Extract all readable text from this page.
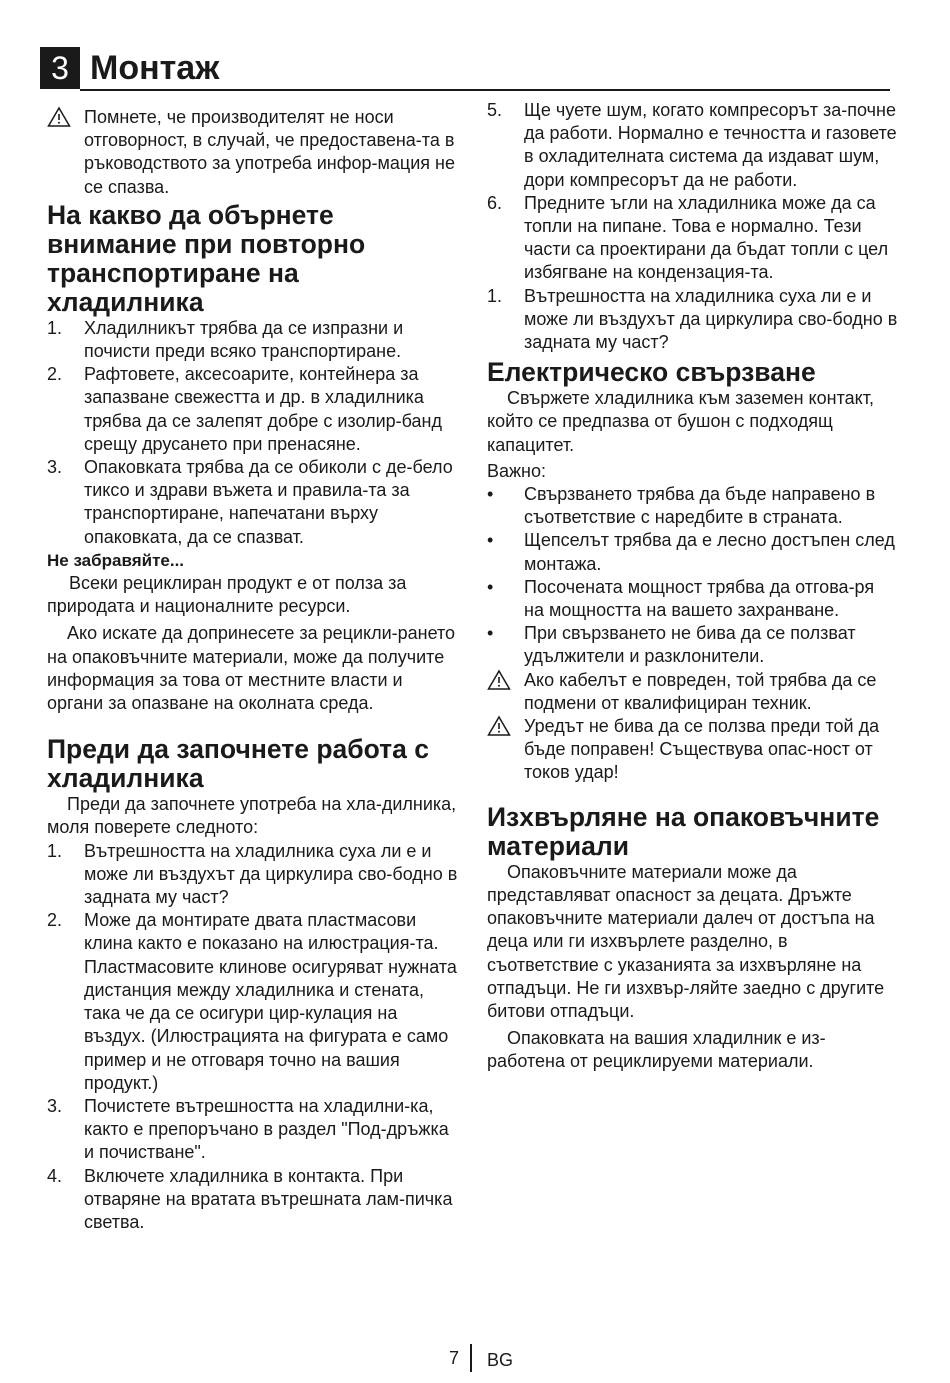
3 Монтаж

Помнете, че производителят не носи отговорност, в случай, че предоставена-та в ръководството за употреба инфор-мация не се спазва.

На какво да обърнете внимание при повторно транспортиране на хладилника
1.	Хладилникът трябва да се изпразни и почисти преди всяко транспортиране.

2.	Рафтовете, аксесоарите, контейнера за запазване свежестта и др. в хладилника трябва да се залепят добре с изолир-банд срещу друсането при пренасяне.

3.	Опаковката трябва да се обиколи с де-бело тиксо и здрави въжета и правила-та за транспортиране, напечатани върху опаковката, да се спазват.

Не забравяйте...

Всеки рециклиран продукт е от полза за природата и националните ресурси.

Ако искате да допринесете за рецикли-рането на опаковъчните материали, може да получите информация за това от местните власти и органи за опазване на околната среда.

Преди да започнете работа с хладилника

Преди да започнете употреба на хла-дилника, моля поверете следното:

1.	Вътрешността на хладилника суха ли е и може ли въздухът да циркулира сво-бодно в задната му част?

2.	Може да монтирате двата пластмасови клина както е показано на илюстрация-та. Пластмасовите клинове осигуряват нужната дистанция между хладилника и стената, така че да се осигури цир-кулация на въздух. (Илюстрацията на фигурата е само пример и не отговаря точно на вашия продукт.)

3.	Почистете вътрешността на хладилни-ка, както е препоръчано в раздел "Под-дръжка и почистване".

4.	Включете хладилника в контакта. При отваряне на вратата вътрешната лам-пичка светва.

5.	Ще чуете шум, когато компресорът за-почне да работи. Нормално е течността и газовете в охладителната система да издават шум, дори компресорът да не работи.

6.	Предните ъгли на хладилника може да са топли на пипане. Това е нормално. Тези части са проектирани да бъдат топли с цел избягване на кондензация-та.

1.	Вътрешността на хладилника суха ли е и може ли въздухът да циркулира сво-бодно в задната му част?

Електрическо свързване

Свържете хладилника към заземен контакт, който се предпазва от бушон с подходящ капацитет.

Важно:

•	Свързването трябва да бъде направено в съответствие с наредбите в страната.

•	Щепселът трябва да е лесно достъпен след монтажа.

•	Посочената мощност трябва да отгова-ря на мощността на вашето захранване.

•	При свързването не бива да се ползват удължители и разклонители.

Ако кабелът е повреден, той трябва да се подмени от квалифициран техник.

Уредът не бива да се ползва преди той да бъде поправен! Съществува опас-ност от токов удар!

Изхвърляне на опаковъчните материали

Опаковъчните материали може да представляват опасност за децата. Дръжте опаковъчните материали далеч от достъпа на деца или ги изхвърлете разделно, в съответствие с указанията за изхвърляне на отпадъци. Не ги изхвър-ляйте заедно с другите битови отпадъци.

Опаковката на вашия хладилник е из-работена от рециклируеми материали.

7 BG
